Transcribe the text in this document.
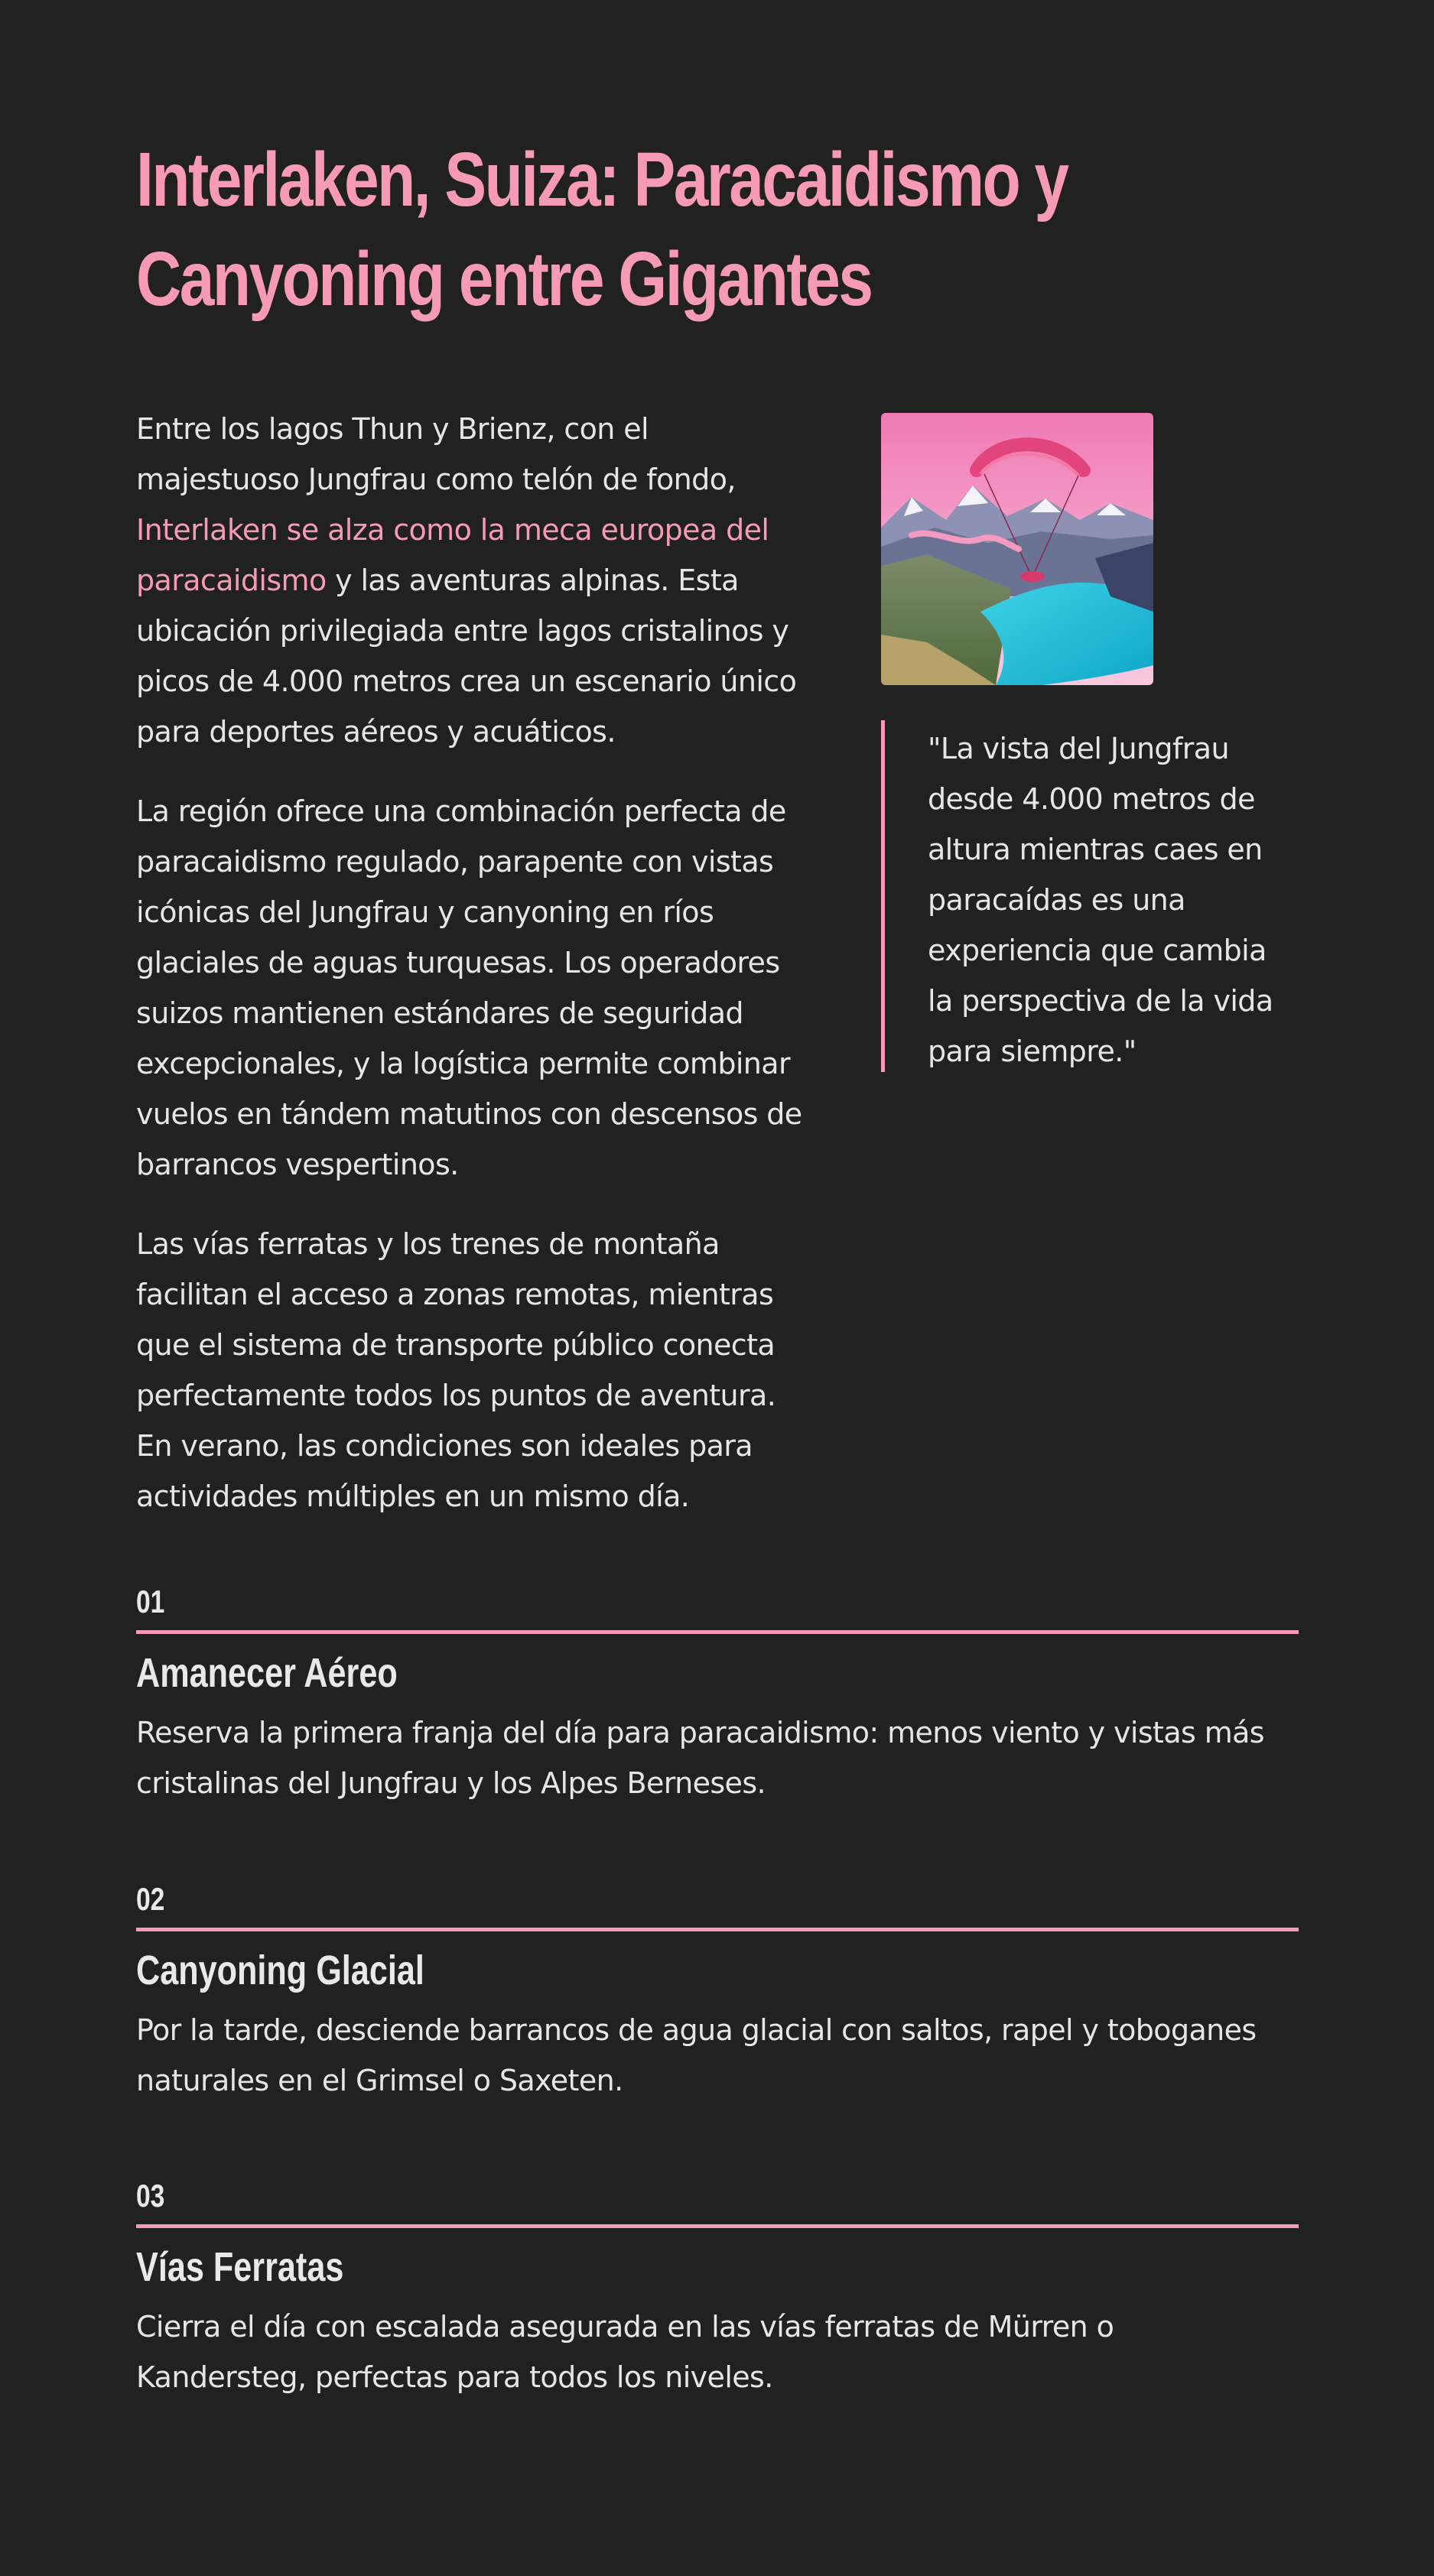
Interlaken, Suiza: Paracaidismo y Canyoning entre Gigantes

Entre los lagos Thun y Brienz, con el majestuoso Jungfrau como telón de fondo, Interlaken se alza como la meca europea del paracaidismo y las aventuras alpinas. Esta ubicación privilegiada entre lagos cristalinos y picos de 4.000 metros crea un escenario único para deportes aéreos y acuáticos.

La región ofrece una combinación perfecta de paracaidismo regulado, parapente con vistas icónicas del Jungfrau y canyoning en ríos glaciales de aguas turquesas. Los operadores suizos mantienen estándares de seguridad excepcionales, y la logística permite combinar vuelos en tándem matutinos con descensos de barrancos vespertinos.

Las vías ferratas y los trenes de montaña facilitan el acceso a zonas remotas, mientras que el sistema de transporte público conecta perfectamente todos los puntos de aventura. En verano, las condiciones son ideales para actividades múltiples en un mismo día.

"La vista del Jungfrau desde 4.000 metros de altura mientras caes en paracaídas es una experiencia que cambia la perspectiva de la vida para siempre."

01
Amanecer Aéreo
Reserva la primera franja del día para paracaidismo: menos viento y vistas más cristalinas del Jungfrau y los Alpes Berneses.
02
Canyoning Glacial
Por la tarde, desciende barrancos de agua glacial con saltos, rapel y toboganes naturales en el Grimsel o Saxeten.
03
Vías Ferratas
Cierra el día con escalada asegurada en las vías ferratas de Mürren o Kandersteg, perfectas para todos los niveles.
